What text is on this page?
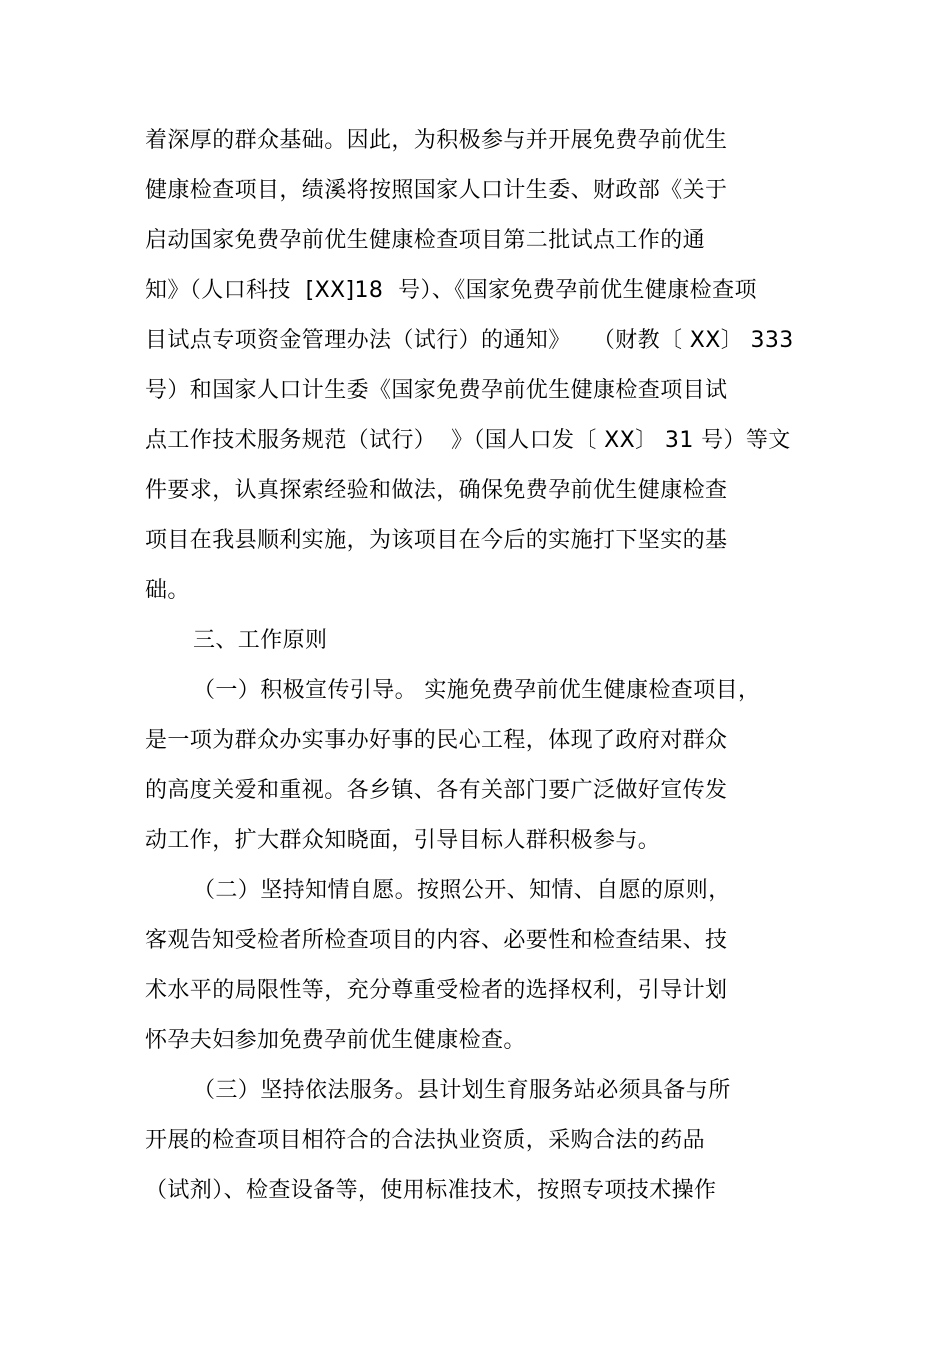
着深厚的群众基础。因此，为积极参与并开展免费孕前优生

健康检查项目，绩溪将按照国家人口计生委、财政部《关于

启动国家免费孕前优生健康检查项目第二批试点工作的通

知》（人口科技  [XX]18  号）、《国家免费孕前优生健康检查项

目试点专项资金管理办法（试行）的通知》   （财教〔 XX〕 333

号）和国家人口计生委《国家免费孕前优生健康检查项目试

点工作技术服务规范（试行）  》（国人口发〔 XX〕 31 号）等文

件要求，认真探索经验和做法，确保免费孕前优生健康检查

项目在我县顺利实施，为该项目在今后的实施打下坚实的基

础。

三、工作原则

（一）积极宣传引导。 实施免费孕前优生健康检查项目，

是一项为群众办实事办好事的民心工程，体现了政府对群众

的高度关爱和重视。各乡镇、各有关部门要广泛做好宣传发

动工作，扩大群众知晓面，引导目标人群积极参与。

（二）坚持知情自愿。按照公开、知情、自愿的原则，

客观告知受检者所检查项目的内容、必要性和检查结果、技

术水平的局限性等，充分尊重受检者的选择权利，引导计划

怀孕夫妇参加免费孕前优生健康检查。

（三）坚持依法服务。县计划生育服务站必须具备与所

开展的检查项目相符合的合法执业资质，采购合法的药品

（试剂）、检查设备等，使用标准技术，按照专项技术操作
